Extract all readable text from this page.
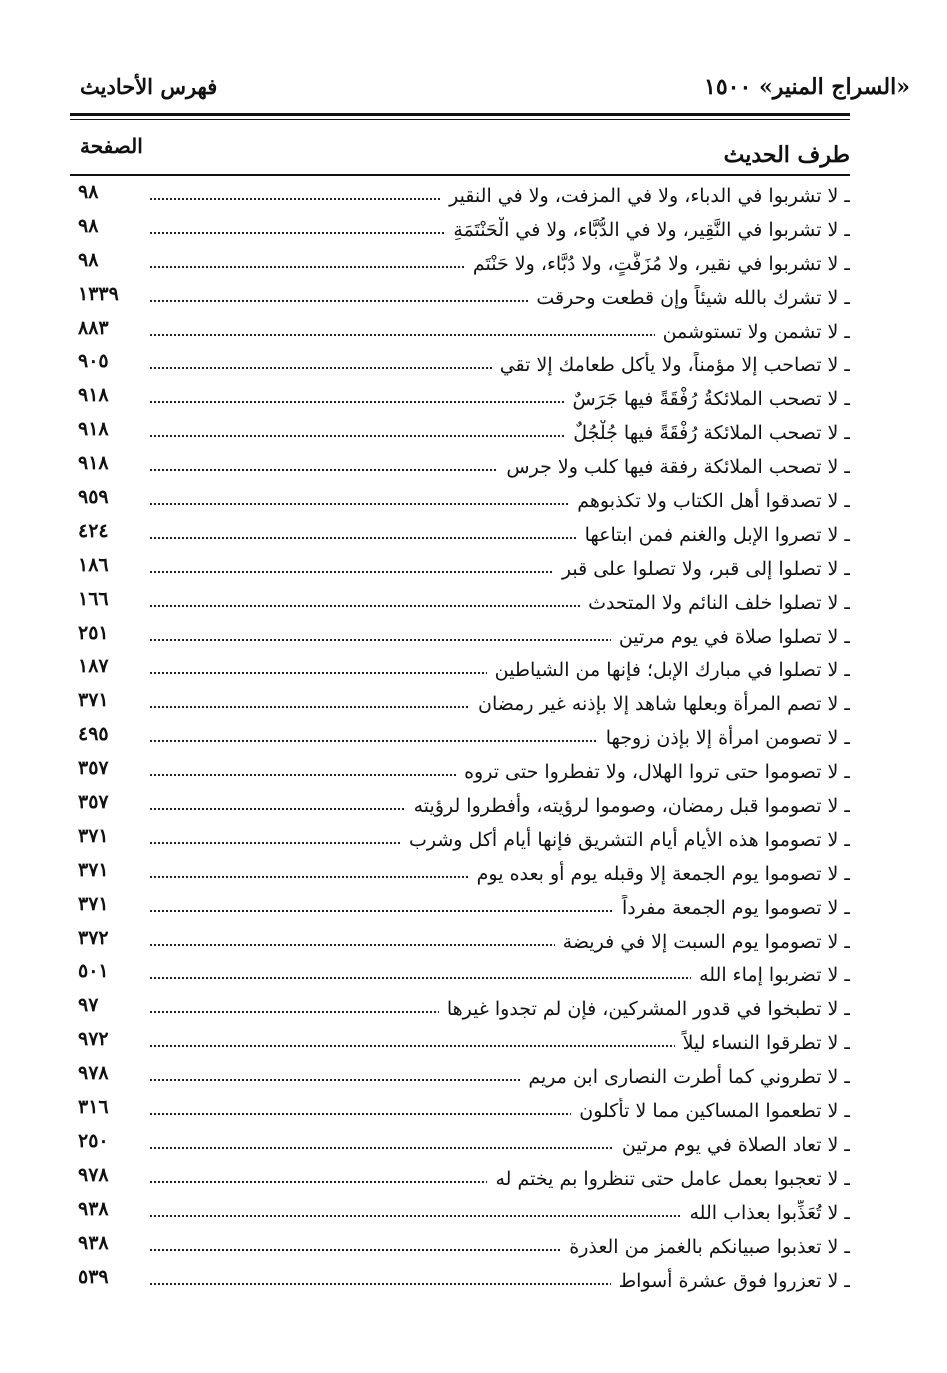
«السراج المنير» ١٥٠٠
فهرس الأحاديث
طرف الحديث
الصفحة
ـ لا تشربوا في الدباء، ولا في المزفت، ولا في النقير
٩٨
ـ لا تشربوا في النَّقِير، ولا في الدُّبَّاء، ولا في الْحَنْتَمَةِ
٩٨
ـ لا تشربوا في نقير، ولا مُزَفَّتٍ، ولا دُبَّاء، ولا حَنْتَم
٩٨
ـ لا تشرك بالله شيئاً وإن قطعت وحرقت
١٣٣٩
ـ لا تشمن ولا تستوشمن
٨٨٣
ـ لا تصاحب إلا مؤمناً، ولا يأكل طعامك إلا تقي
٩٠٥
ـ لا تصحب الملائكةُ رُفْقَةً فيها جَرَسٌ
٩١٨
ـ لا تصحب الملائكة رُفْقَةً فيها جُلْجُلٌ
٩١٨
ـ لا تصحب الملائكة رفقة فيها كلب ولا جرس
٩١٨
ـ لا تصدقوا أهل الكتاب ولا تكذبوهم
٩٥٩
ـ لا تصروا الإبل والغنم فمن ابتاعها
٤٢٤
ـ لا تصلوا إلى قبر، ولا تصلوا على قبر
١٨٦
ـ لا تصلوا خلف النائم ولا المتحدث
١٦٦
ـ لا تصلوا صلاة في يوم مرتين
٢٥١
ـ لا تصلوا في مبارك الإبل؛ فإنها من الشياطين
١٨٧
ـ لا تصم المرأة وبعلها شاهد إلا بإذنه غير رمضان
٣٧١
ـ لا تصومن امرأة إلا بإذن زوجها
٤٩٥
ـ لا تصوموا حتى تروا الهلال، ولا تفطروا حتى تروه
٣٥٧
ـ لا تصوموا قبل رمضان، وصوموا لرؤيته، وأفطروا لرؤيته
٣٥٧
ـ لا تصوموا هذه الأيام أيام التشريق فإنها أيام أكل وشرب
٣٧١
ـ لا تصوموا يوم الجمعة إلا وقبله يوم أو بعده يوم
٣٧١
ـ لا تصوموا يوم الجمعة مفرداً
٣٧١
ـ لا تصوموا يوم السبت إلا في فريضة
٣٧٢
ـ لا تضربوا إماء الله
٥٠١
ـ لا تطبخوا في قدور المشركين، فإن لم تجدوا غيرها
٩٧
ـ لا تطرقوا النساء ليلاً
٩٧٢
ـ لا تطروني كما أطرت النصارى ابن مريم
٩٧٨
ـ لا تطعموا المساكين مما لا تأكلون
٣١٦
ـ لا تعاد الصلاة في يوم مرتين
٢٥٠
ـ لا تعجبوا بعمل عامل حتى تنظروا بم يختم له
٩٧٨
ـ لا تُعَذِّبوا بعذاب الله
٩٣٨
ـ لا تعذبوا صبيانكم بالغمز من العذرة
٩٣٨
ـ لا تعزروا فوق عشرة أسواط
٥٣٩
